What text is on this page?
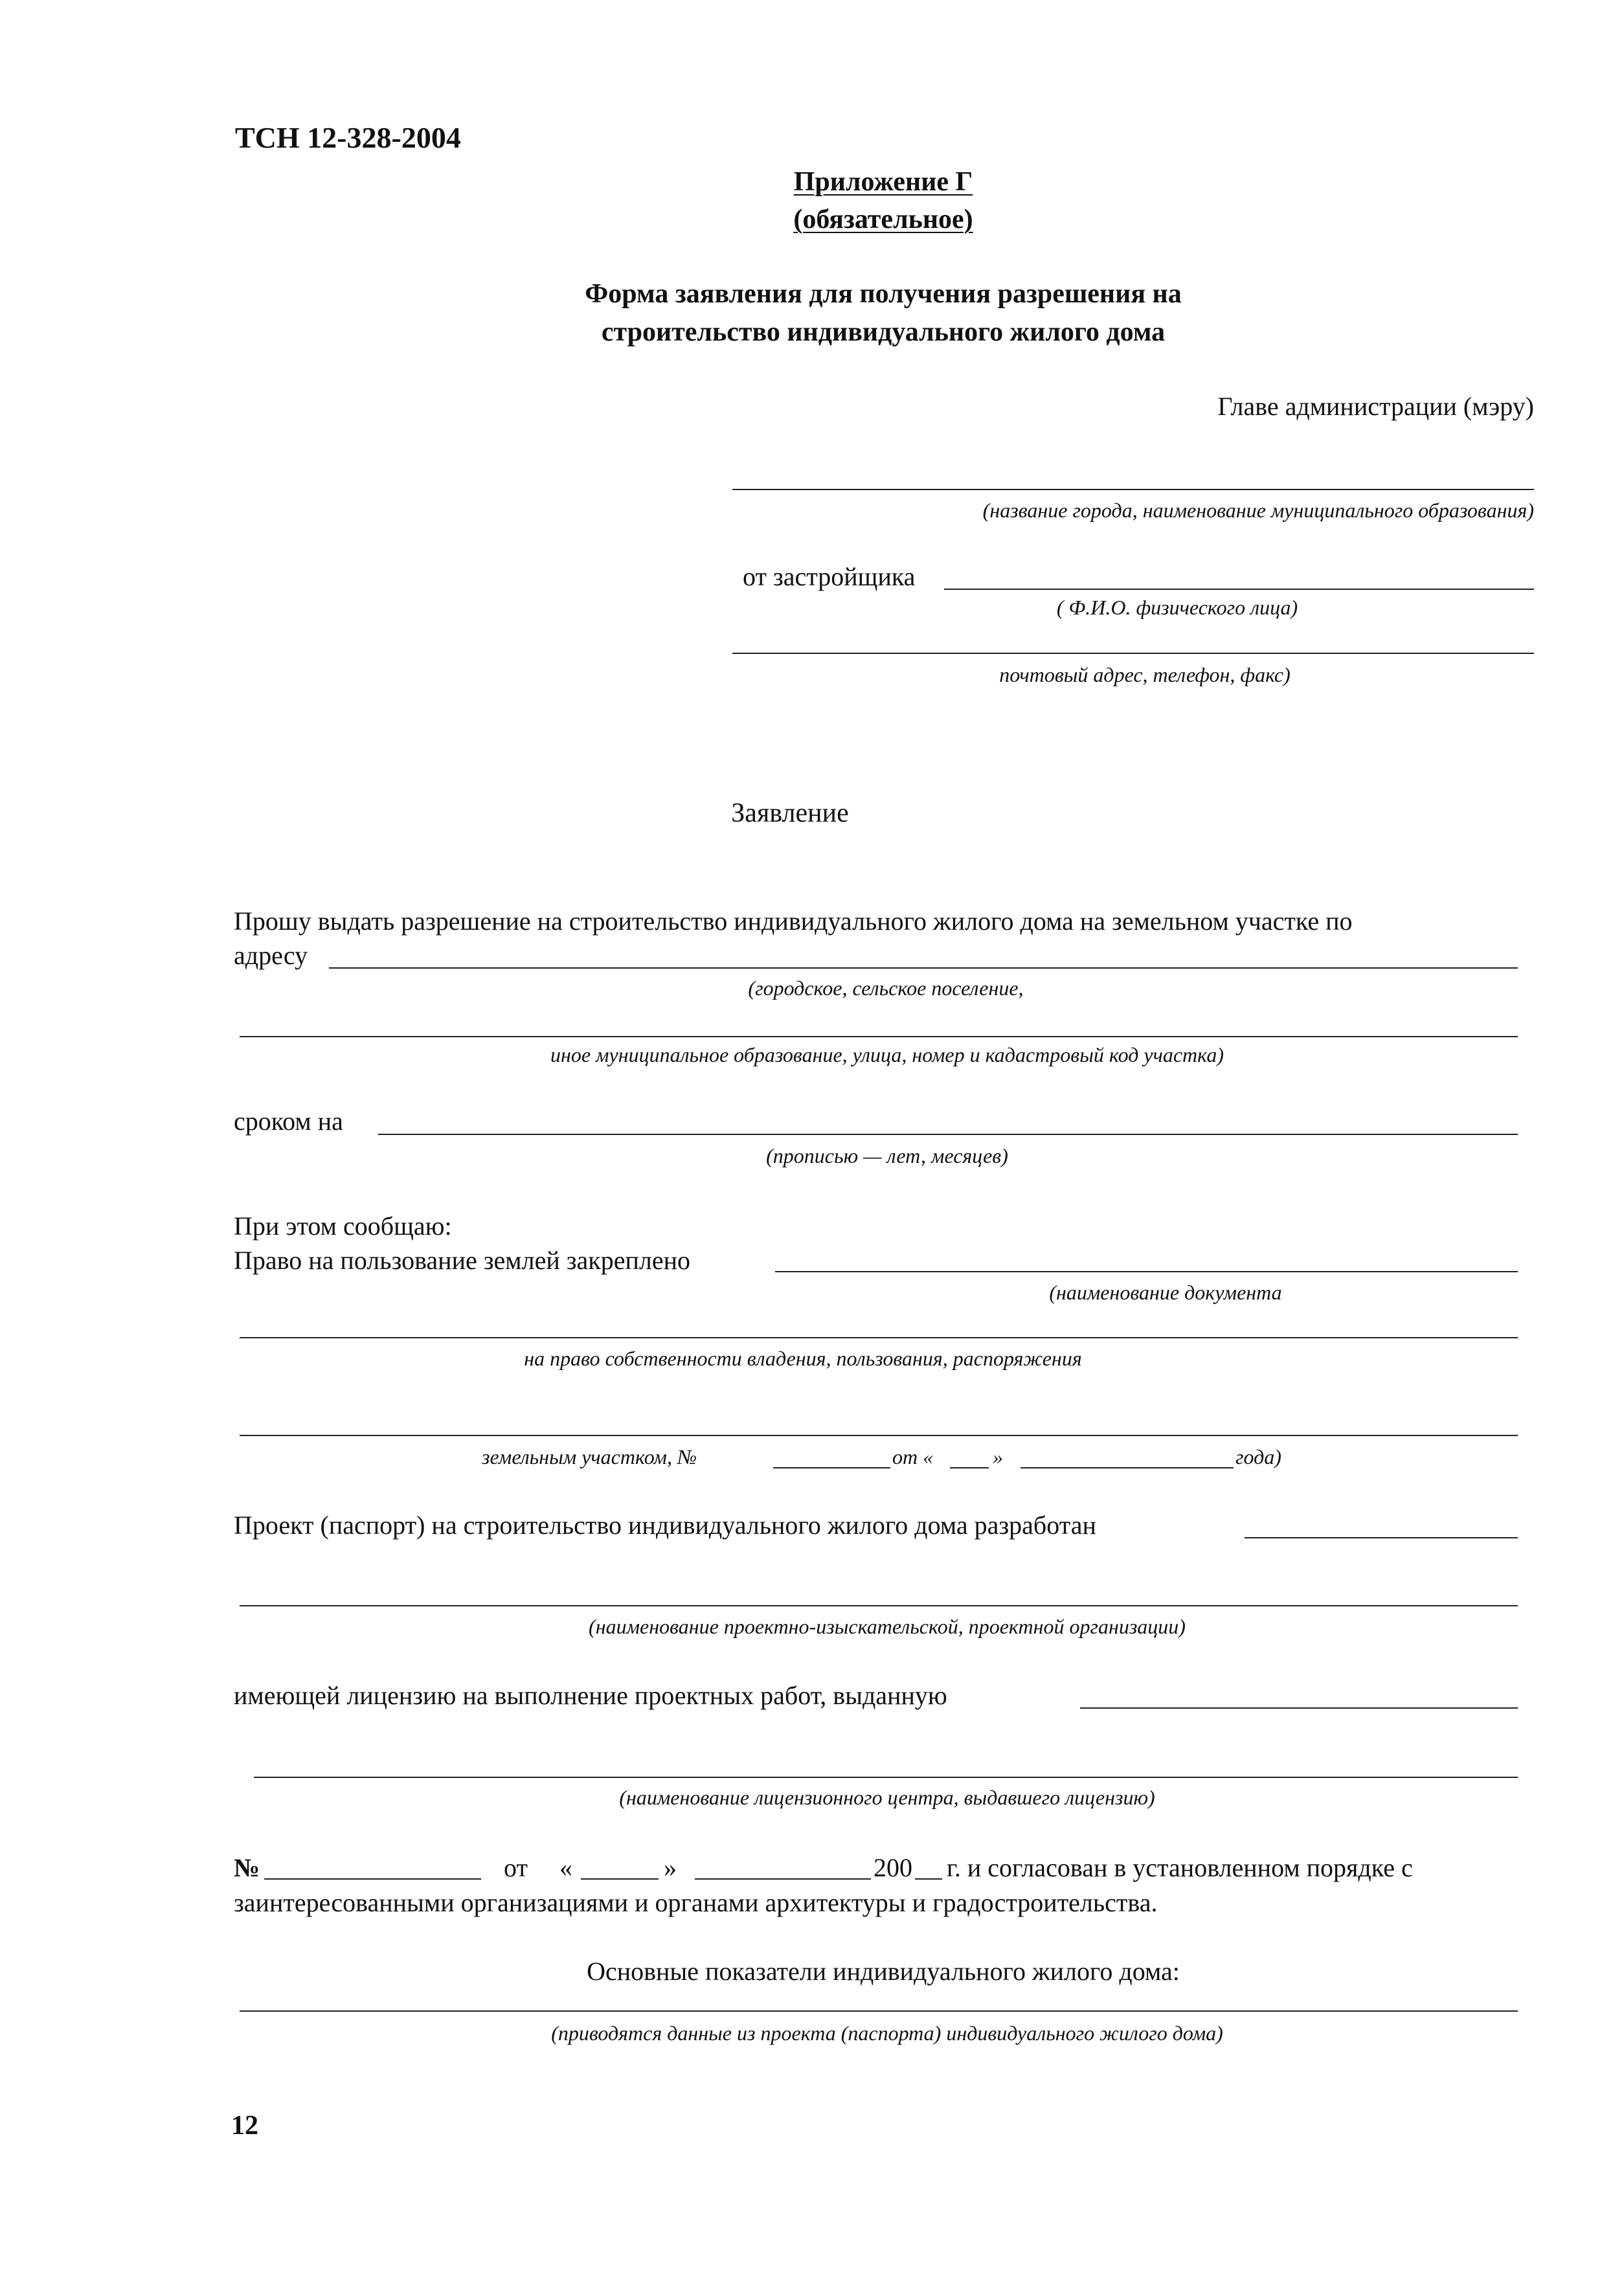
ТСН 12-328-2004
Приложение Г
(обязательное)
Форма заявления для получения разрешения на
строительство индивидуального жилого дома
Главе администрации (мэру)
(название города, наименование муниципального образования)
от застройщика
( Ф.И.О. физического лица)
почтовый адрес, телефон, факс)
Заявление
Прошу выдать разрешение на строительство индивидуального жилого дома на земельном участке по
адресу
(городское, сельское поселение,
иное муниципальное образование, улица, номер и кадастровый код участка)
сроком на
(прописью — лет, месяцев)
При этом сообщаю:
Право на пользование землей закреплено
(наименование документа
на право собственности владения, пользования, распоряжения
земельным участком, №	от «	»	года)
Проект (паспорт) на строительство индивидуального жилого дома разработан
(наименование проектно-изыскательской, проектной организации)
имеющей лицензию на выполнение проектных работ, выданную
(наименование лицензионного центра, выдавшего лицензию)
№	от «	»	200 г. и согласован в установленном порядке с
заинтересованными организациями и органами архитектуры и градостроительства.
Основные показатели индивидуального жилого дома:
(приводятся данные из проекта (паспорта) индивидуального жилого дома)
12
